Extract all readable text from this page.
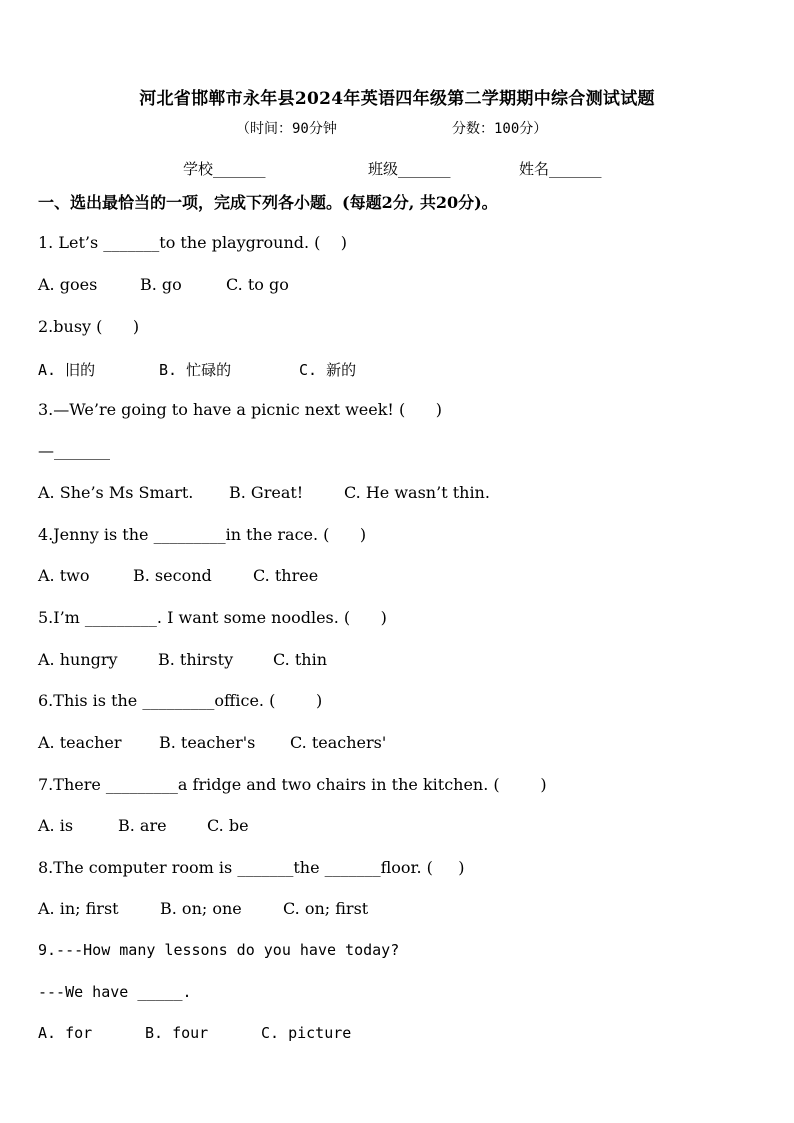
河北省邯郸市永年县2024年英语四年级第二学期期中综合测试试题
（时间：90分钟	分数：100分）
学校_______	班级_______	姓名_______
一、选出最恰当的一项，完成下列各小题。(每题2分, 共20分)。
1. Let’s _______to the playground. (    )
A. goes	B. go	C. to go
2.busy (      )
A. 旧的	B. 忙碌的	C. 新的
3.—We’re going to have a picnic next week! (      )
—_______
A. She’s Ms Smart. B. Great!	C. He wasn’t thin.
4.Jenny is the _________in the race. (      )
A. two	B. second	C. three
5.I’m _________. I want some noodles. (      )
A. hungry	B. thirsty C. thin
6.This is the _________office. (        )
A. teacher B. teacher's C. teachers'
7.There _________a fridge and two chairs in the kitchen. (        )
A. is	B. are	C. be
8.The computer room is _______the _______floor. (     )
A. in; first	B. on; one	C. on; first
9.---How many lessons do you have today?
---We have _____.
A. for	B. four	C. picture
